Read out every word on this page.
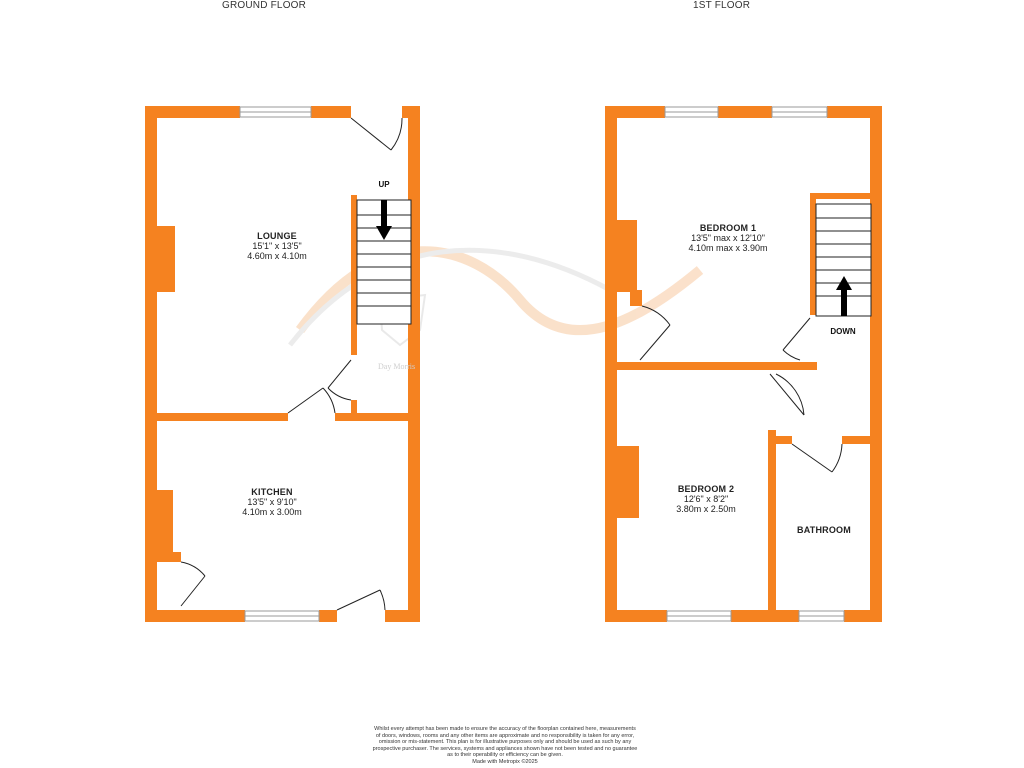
GROUND FLOOR	1ST FLOOR
UP
LOUNGE
15'1" x 13'5"
4.60m x 4.10m
KITCHEN
13'5" x 9'10"
4.10m x 3.00m
BEDROOM 1
13'5" max x 12'10"
4.10m max x 3.90m
BEDROOM 2
12'6" x 8'2"
3.80m x 2.50m
BATHROOM
DOWN
Day Morris
Whilst every attempt has been made to ensure the accuracy of the floorplan contained here, measurements
of doors, windows, rooms and any other items are approximate and no responsibility is taken for any error,
omission or mis-statement. This plan is for illustrative purposes only and should be used as such by any
prospective purchaser. The services, systems and appliances shown have not been tested and no guarantee
as to their operability or efficiency can be given.
Made with Metropix ©2025
